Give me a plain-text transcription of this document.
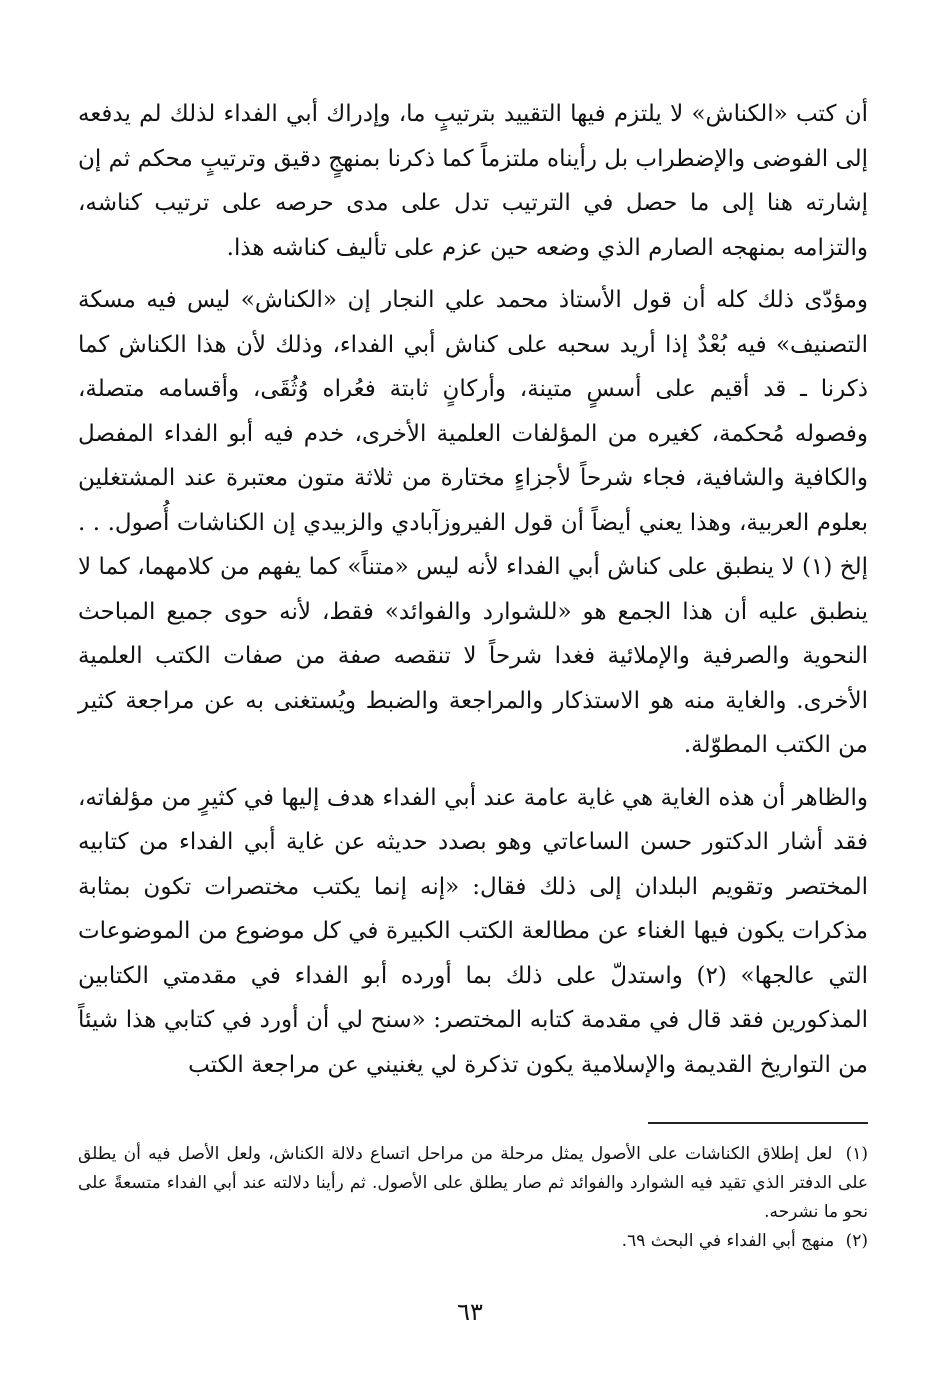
أن كتب «الكناش» لا يلتزم فيها التقييد بترتيبٍ ما، وإدراك أبي الفداء لذلك لم يدفعه إلى الفوضى والإضطراب بل رأيناه ملتزماً كما ذكرنا بمنهجٍ دقيق وترتيبٍ محكم ثم إن إشارته هنا إلى ما حصل في الترتيب تدل على مدى حرصه على ترتيب كناشه، والتزامه بمنهجه الصارم الذي وضعه حين عزم على تأليف كناشه هذا.

ومؤدّى ذلك كله أن قول الأستاذ محمد علي النجار إن «الكناش» ليس فيه مسكة التصنيف» فيه بُعْدٌ إذا أريد سحبه على كناش أبي الفداء، وذلك لأن هذا الكناش كما ذكرنا ـ قد أقيم على أسسٍ متينة، وأركانٍ ثابتة فعُراه وُثُقَى، وأقسامه متصلة، وفصوله مُحكمة، كغيره من المؤلفات العلمية الأخرى، خدم فيه أبو الفداء المفصل والكافية والشافية، فجاء شرحاً لأجزاءٍ مختارة من ثلاثة متون معتبرة عند المشتغلين بعلوم العربية، وهذا يعني أيضاً أن قول الفيروزآبادي والزبيدي إن الكناشات أُصول. . . إلخ (١) لا ينطبق على كناش أبي الفداء لأنه ليس «متناً» كما يفهم من كلامهما، كما لا ينطبق عليه أن هذا الجمع هو «للشوارد والفوائد» فقط، لأنه حوى جميع المباحث النحوية والصرفية والإملائية فغدا شرحاً لا تنقصه صفة من صفات الكتب العلمية الأخرى. والغاية منه هو الاستذكار والمراجعة والضبط ويُستغنى به عن مراجعة كثير من الكتب المطوّلة.

والظاهر أن هذه الغاية هي غاية عامة عند أبي الفداء هدف إليها في كثيرٍ من مؤلفاته، فقد أشار الدكتور حسن الساعاتي وهو بصدد حديثه عن غاية أبي الفداء من كتابيه المختصر وتقويم البلدان إلى ذلك فقال: «إنه إنما يكتب مختصرات تكون بمثابة مذكرات يكون فيها الغناء عن مطالعة الكتب الكبيرة في كل موضوع من الموضوعات التي عالجها» (٢) واستدلّ على ذلك بما أورده أبو الفداء في مقدمتي الكتابين المذكورين فقد قال في مقدمة كتابه المختصر: «سنح لي أن أورد في كتابي هذا شيئاً من التواريخ القديمة والإسلامية يكون تذكرة لي يغنيني عن مراجعة الكتب

(١) لعل إطلاق الكناشات على الأصول يمثل مرحلة من مراحل اتساع دلالة الكناش، ولعل الأصل فيه أن يطلق على الدفتر الذي تقيد فيه الشوارد والفوائد ثم صار يطلق على الأصول. ثم رأينا دلالته عند أبي الفداء متسعةً على نحو ما نشرحه.

(٢) منهج أبي الفداء في البحث ٦٩.

٦٣
